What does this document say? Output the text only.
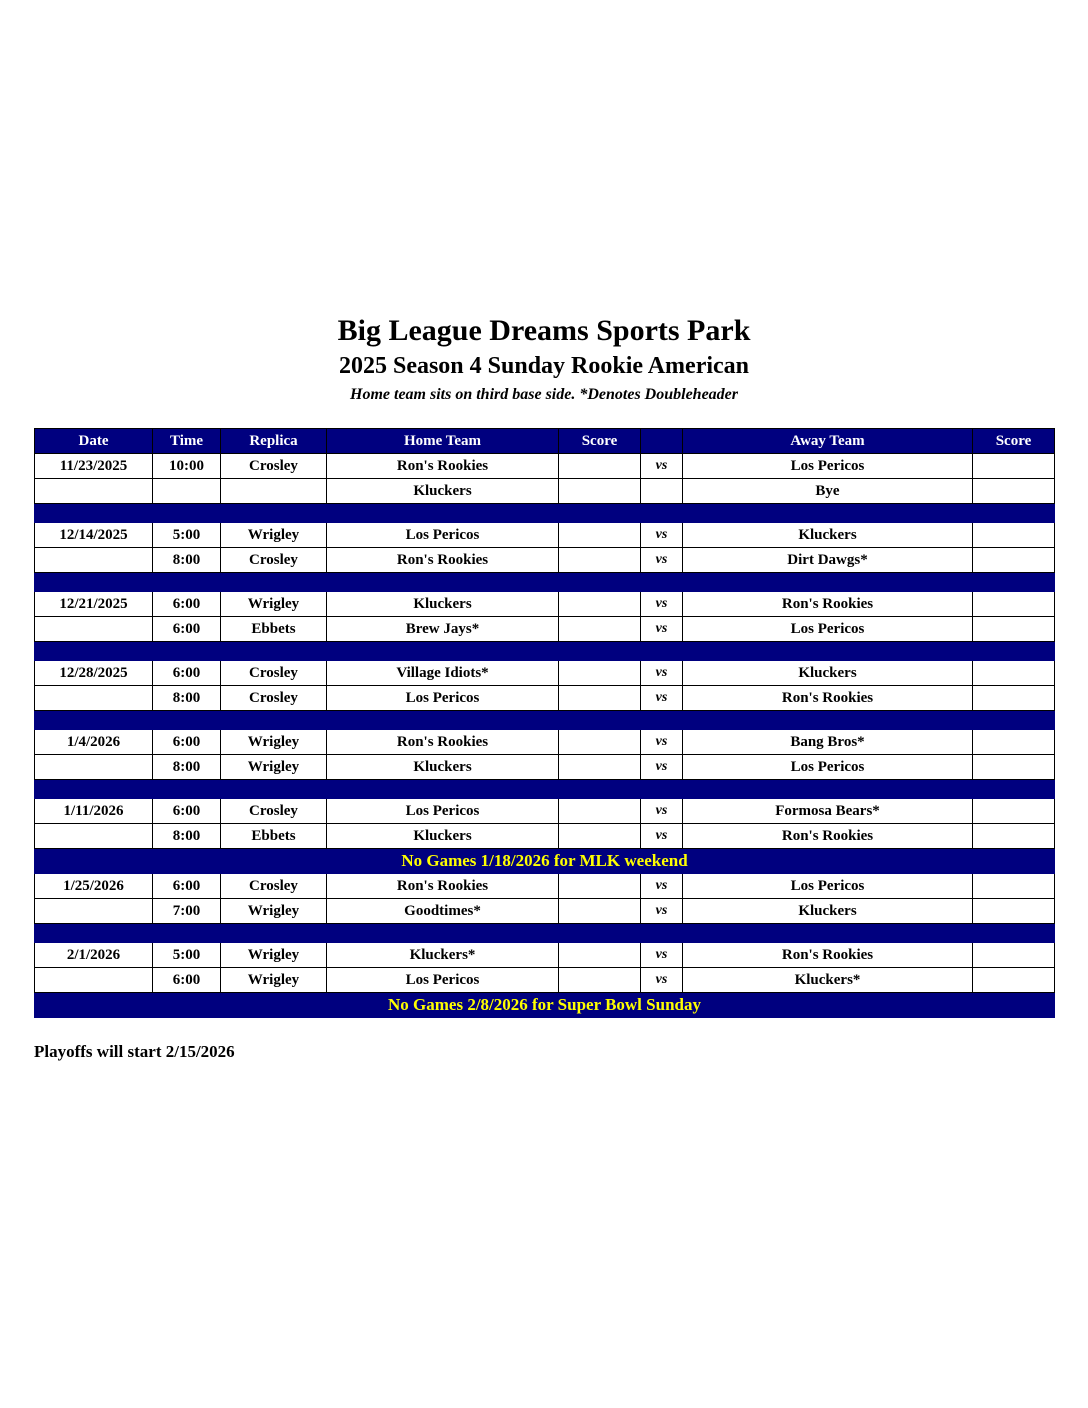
Big League Dreams Sports Park
2025 Season 4 Sunday Rookie American
Home team sits on third base side. *Denotes Doubleheader
Date	Time	Replica	Home Team	Score		Away Team	Score
11/23/2025	10:00	Crosley	Ron's Rookies		vs	Los Pericos	
			Kluckers			Bye	

12/14/2025	5:00	Wrigley	Los Pericos		vs	Kluckers	
	8:00	Crosley	Ron's Rookies		vs	Dirt Dawgs*	

12/21/2025	6:00	Wrigley	Kluckers		vs	Ron's Rookies	
	6:00	Ebbets	Brew Jays*		vs	Los Pericos	

12/28/2025	6:00	Crosley	Village Idiots*		vs	Kluckers	
	8:00	Crosley	Los Pericos		vs	Ron's Rookies	

1/4/2026	6:00	Wrigley	Ron's Rookies		vs	Bang Bros*	
	8:00	Wrigley	Kluckers		vs	Los Pericos	

1/11/2026	6:00	Crosley	Los Pericos		vs	Formosa Bears*	
	8:00	Ebbets	Kluckers		vs	Ron's Rookies	
No Games 1/18/2026 for MLK weekend							
1/25/2026	6:00	Crosley	Ron's Rookies		vs	Los Pericos	
	7:00	Wrigley	Goodtimes*		vs	Kluckers	

2/1/2026	5:00	Wrigley	Kluckers*		vs	Ron's Rookies	
	6:00	Wrigley	Los Pericos		vs	Kluckers*	
No Games 2/8/2026 for Super Bowl Sunday							
Playoffs will start 2/15/2026
